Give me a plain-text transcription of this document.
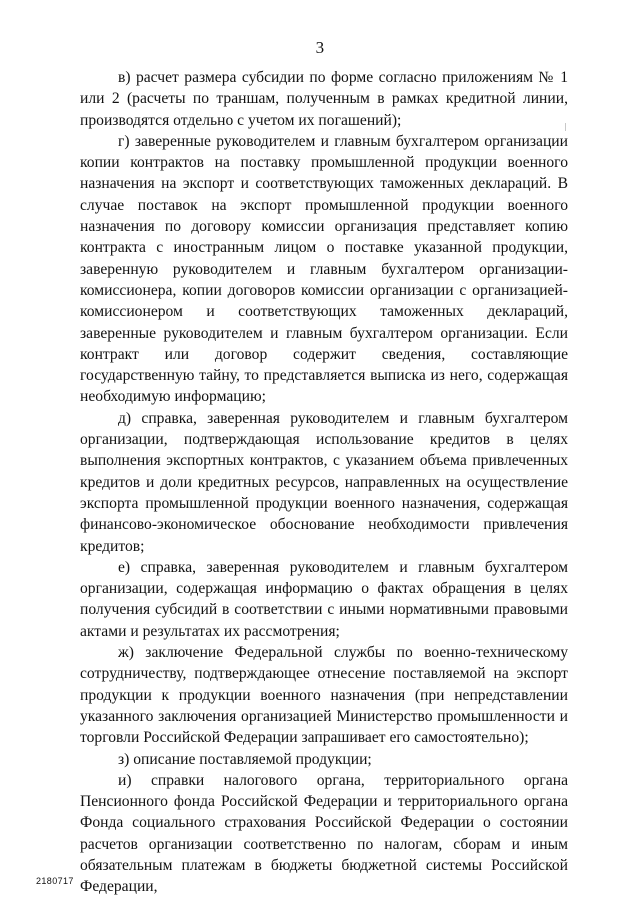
3

в) расчет размера субсидии по форме согласно приложениям № 1 или 2 (расчеты по траншам, полученным в рамках кредитной линии, производятся отдельно с учетом их погашений);

г) заверенные руководителем и главным бухгалтером организации копии контрактов на поставку промышленной продукции военного назначения на экспорт и соответствующих таможенных деклараций. В случае поставок на экспорт промышленной продукции военного назначения по договору комиссии организация представляет копию контракта с иностранным лицом о поставке указанной продукции, заверенную руководителем и главным бухгалтером организации-комиссионера, копии договоров комиссии организации с организацией-комиссионером и соответствующих таможенных деклараций, заверенные руководителем и главным бухгалтером организации. Если контракт или договор содержит сведения, составляющие государственную тайну, то представляется выписка из него, содержащая необходимую информацию;

д) справка, заверенная руководителем и главным бухгалтером организации, подтверждающая использование кредитов в целях выполнения экспортных контрактов, с указанием объема привлеченных кредитов и доли кредитных ресурсов, направленных на осуществление экспорта промышленной продукции военного назначения, содержащая финансово-экономическое обоснование необходимости привлечения кредитов;

е) справка, заверенная руководителем и главным бухгалтером организации, содержащая информацию о фактах обращения в целях получения субсидий в соответствии с иными нормативными правовыми актами и результатах их рассмотрения;

ж) заключение Федеральной службы по военно-техническому сотрудничеству, подтверждающее отнесение поставляемой на экспорт продукции к продукции военного назначения (при непредставлении указанного заключения организацией Министерство промышленности и торговли Российской Федерации запрашивает его самостоятельно);

з) описание поставляемой продукции;

и) справки налогового органа, территориального органа Пенсионного фонда Российской Федерации и территориального органа Фонда социального страхования Российской Федерации о состоянии расчетов организации соответственно по налогам, сборам и иным обязательным платежам в бюджеты бюджетной системы Российской Федерации,

2180717
